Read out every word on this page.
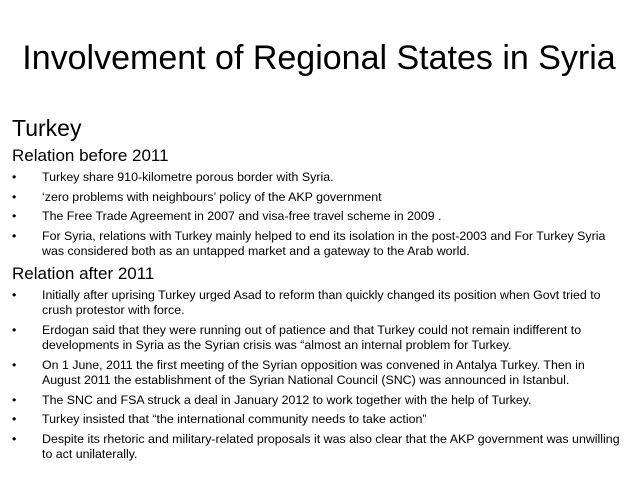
Involvement of Regional States in Syria
Turkey
Relation before 2011
•
Turkey share 910-kilometre porous border with Syria.
•
‘zero problems with neighbours’ policy of the AKP government
•
The Free Trade Agreement in 2007 and visa-free travel scheme in 2009 .
•
For Syria, relations with Turkey mainly helped to end its isolation in the post-2003 and For Turkey Syria was considered both as an untapped market and a gateway to the Arab world.
Relation after 2011
•
Initially after uprising Turkey urged Asad to reform than quickly changed its position when Govt tried to crush protestor with force.
•
Erdogan said that they were running out of patience and that Turkey could not remain indifferent to developments in Syria as the Syrian crisis was “almost an internal problem for Turkey.
•
On 1 June, 2011 the first meeting of the Syrian opposition was convened in Antalya Turkey. Then in August 2011 the establishment of the Syrian National Council (SNC) was announced in Istanbul.
•
The SNC and FSA struck a deal in January 2012 to work together with the help of Turkey.
•
Turkey insisted that “the international community needs to take action”
•
Despite its rhetoric and military-related proposals it was also clear that the AKP government was unwilling to act unilaterally.
